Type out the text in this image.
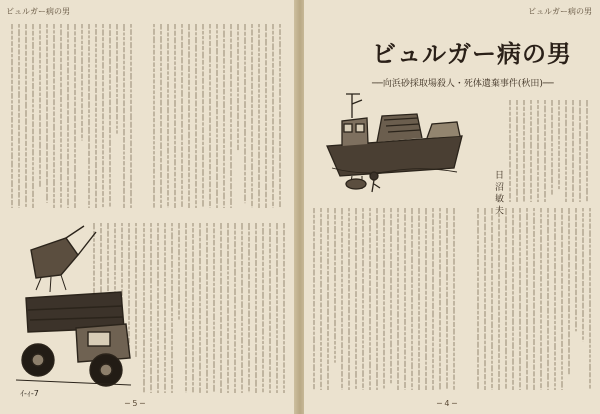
ビュルガー病の男
ｲ-ｨ-7
─ 5 ─
ビュルガー病の男
─ 4 ─
ビュルガー病の男
──向浜砂採取場殺人・死体遺棄事件(秋田)──
日 沼 敏 夫
